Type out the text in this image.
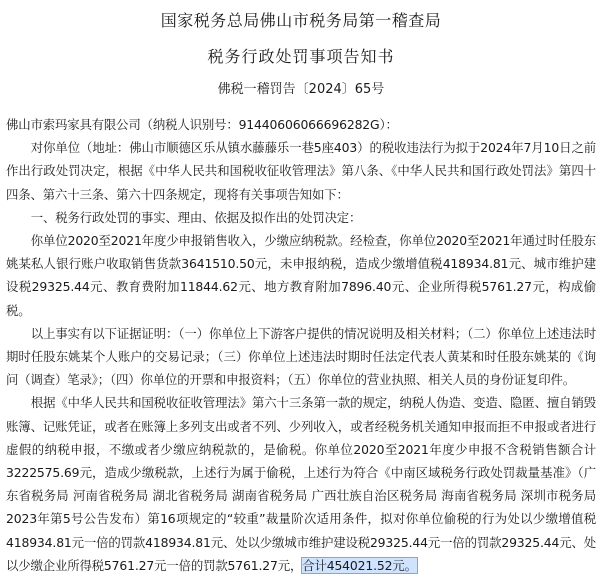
国家税务总局佛山市税务局第一稽查局
税务行政处罚事项告知书
佛税一稽罚告〔2024〕65号

佛山市索玛家具有限公司（纳税人识别号：91440606066696282G）：

对你单位（地址：佛山市顺德区乐从镇水藤藤乐一巷5座403）的税收违法行为拟于2024年7月10日之前作出行政处罚决定，根据《中华人民共和国税收征收管理法》第八条、《中华人民共和国行政处罚法》第四十四条、第六十三条、第六十四条规定，现将有关事项告知如下：

一、税务行政处罚的事实、理由、依据及拟作出的处罚决定：

你单位2020至2021年度少申报销售收入，少缴应纳税款。经检查，你单位2020至2021年通过时任股东姚某私人银行账户收取销售货款3641510.50元，未申报纳税，造成少缴增值税418934.81元、城市维护建设税29325.44元、教育费附加11844.62元、地方教育附加7896.40元、企业所得税5761.27元，构成偷税。

以上事实有以下证据证明：（一）你单位上下游客户提供的情况说明及相关材料；（二）你单位上述违法时期时任股东姚某个人账户的交易记录；（三）你单位上述违法时期时任法定代表人黄某和时任股东姚某的《询问（调查）笔录》；（四）你单位的开票和申报资料；（五）你单位的营业执照、相关人员的身份证复印件。

根据《中华人民共和国税收征收管理法》第六十三条第一款的规定，纳税人伪造、变造、隐匿、擅自销毁账簿、记账凭证，或者在账簿上多列支出或者不列、少列收入，或者经税务机关通知申报而拒不申报或者进行虚假的纳税申报，不缴或者少缴应纳税款的，是偷税。你单位2020至2021年度少申报不含税销售额合计3222575.69元，造成少缴税款，上述行为属于偷税，上述行为符合《中南区域税务行政处罚裁量基准》（广东省税务局 河南省税务局 湖北省税务局 湖南省税务局 广西壮族自治区税务局 海南省税务局 深圳市税务局2023年第5号公告发布）第16项规定的“较重”裁量阶次适用条件，拟对你单位偷税的行为处以少缴增值税418934.81元一倍的罚款418934.81元、处以少缴城市维护建设税29325.44元一倍的罚款29325.44元、处以少缴企业所得税5761.27元一倍的罚款5761.27元，合计454021.52元。
